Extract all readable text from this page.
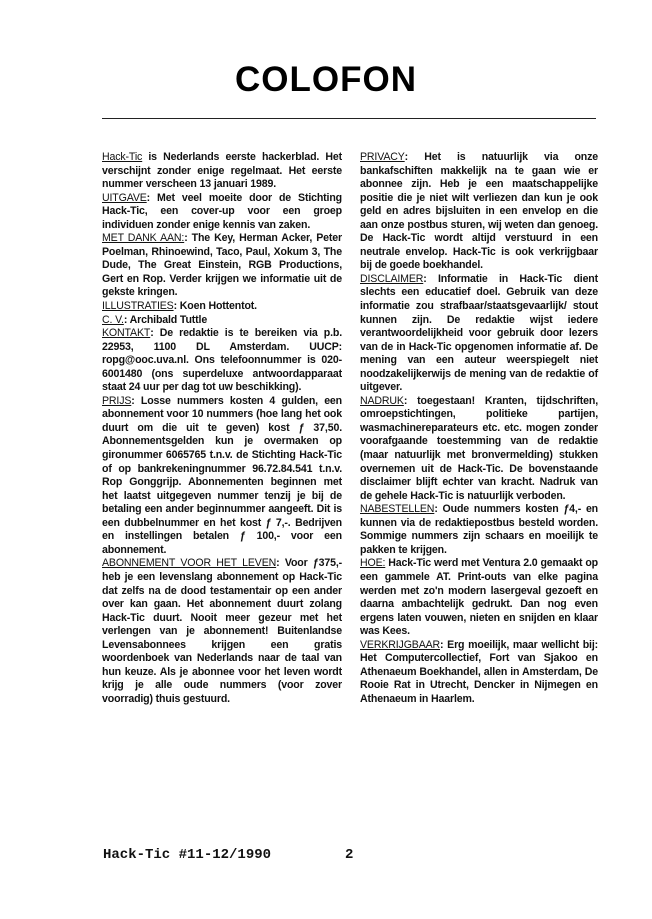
COLOFON

Hack-Tic is Nederlands eerste hackerblad. Het verschijnt zonder enige regelmaat. Het eerste nummer verscheen 13 januari 1989.

UITGAVE: Met veel moeite door de Stichting Hack-Tic, een cover-up voor een groep individuen zonder enige kennis van zaken.

MET DANK AAN:: The Key, Herman Acker, Peter Poelman, Rhinoewind, Taco, Paul, Xokum 3, The Dude, The Great Einstein, RGB Productions, Gert en Rop. Verder krijgen we informatie uit de gekste kringen.

ILLUSTRATIES: Koen Hottentot.

C. V.: Archibald Tuttle

KONTAKT: De redaktie is te bereiken via p.b. 22953, 1100 DL Amsterdam. UUCP: ropg@ooc.uva.nl. Ons telefoonnummer is 020-6001480 (ons superdeluxe antwoordapparaat staat 24 uur per dag tot uw beschikking).

PRIJS: Losse nummers kosten 4 gulden, een abonnement voor 10 nummers (hoe lang het ook duurt om die uit te geven) kost ƒ 37,50. Abonnementsgelden kun je overmaken op gironummer 6065765 t.n.v. de Stichting Hack-Tic of op bankrekeningnummer 96.72.84.541 t.n.v. Rop Gonggrijp. Abonnementen beginnen met het laatst uitgegeven nummer tenzij je bij de betaling een ander beginnummer aangeeft. Dit is een dubbelnummer en het kost ƒ 7,-. Bedrijven en instellingen betalen ƒ 100,- voor een abonnement.

ABONNEMENT VOOR HET LEVEN: Voor ƒ375,- heb je een levenslang abonnement op Hack-Tic dat zelfs na de dood testamentair op een ander over kan gaan. Het abonnement duurt zolang Hack-Tic duurt. Nooit meer gezeur met het verlengen van je abonnement! Buitenlandse Levensabonnees krijgen een gratis woordenboek van Nederlands naar de taal van hun keuze. Als je abonnee voor het leven wordt krijg je alle oude nummers (voor zover voorradig) thuis gestuurd.

PRIVACY: Het is natuurlijk via onze bankafschiften makkelijk na te gaan wie er abonnee zijn. Heb je een maatschappelijke positie die je niet wilt verliezen dan kun je ook geld en adres bijsluiten in een envelop en die aan onze postbus sturen, wij weten dan genoeg. De Hack-Tic wordt altijd verstuurd in een neutrale envelop. Hack-Tic is ook verkrijgbaar bij de goede boekhandel.

DISCLAIMER: Informatie in Hack-Tic dient slechts een educatief doel. Gebruik van deze informatie zou strafbaar/staatsgevaarlijk/ stout kunnen zijn. De redaktie wijst iedere verantwoordelijkheid voor gebruik door lezers van de in Hack-Tic opgenomen informatie af. De mening van een auteur weerspiegelt niet noodzakelijkerwijs de mening van de redaktie of uitgever.

NADRUK: toegestaan! Kranten, tijdschriften, omroepstichtingen, politieke partijen, wasmachinereparateurs etc. etc. mogen zonder voorafgaande toestemming van de redaktie (maar natuurlijk met bronvermelding) stukken overnemen uit de Hack-Tic. De bovenstaande disclaimer blijft echter van kracht. Nadruk van de gehele Hack-Tic is natuurlijk verboden.

NABESTELLEN: Oude nummers kosten ƒ4,- en kunnen via de redaktiepostbus besteld worden. Sommige nummers zijn schaars en moeilijk te pakken te krijgen.

HOE: Hack-Tic werd met Ventura 2.0 gemaakt op een gammele AT. Print-outs van elke pagina werden met zo'n modern lasergeval gezoeft en daarna ambachtelijk gedrukt. Dan nog even ergens laten vouwen, nieten en snijden en klaar was Kees.

VERKRIJGBAAR: Erg moeilijk, maar wellicht bij: Het Computercollectief, Fort van Sjakoo en Athenaeum Boekhandel, allen in Amsterdam, De Rooie Rat in Utrecht, Dencker in Nijmegen en Athenaeum in Haarlem.

Hack-Tic #11-12/1990	2
